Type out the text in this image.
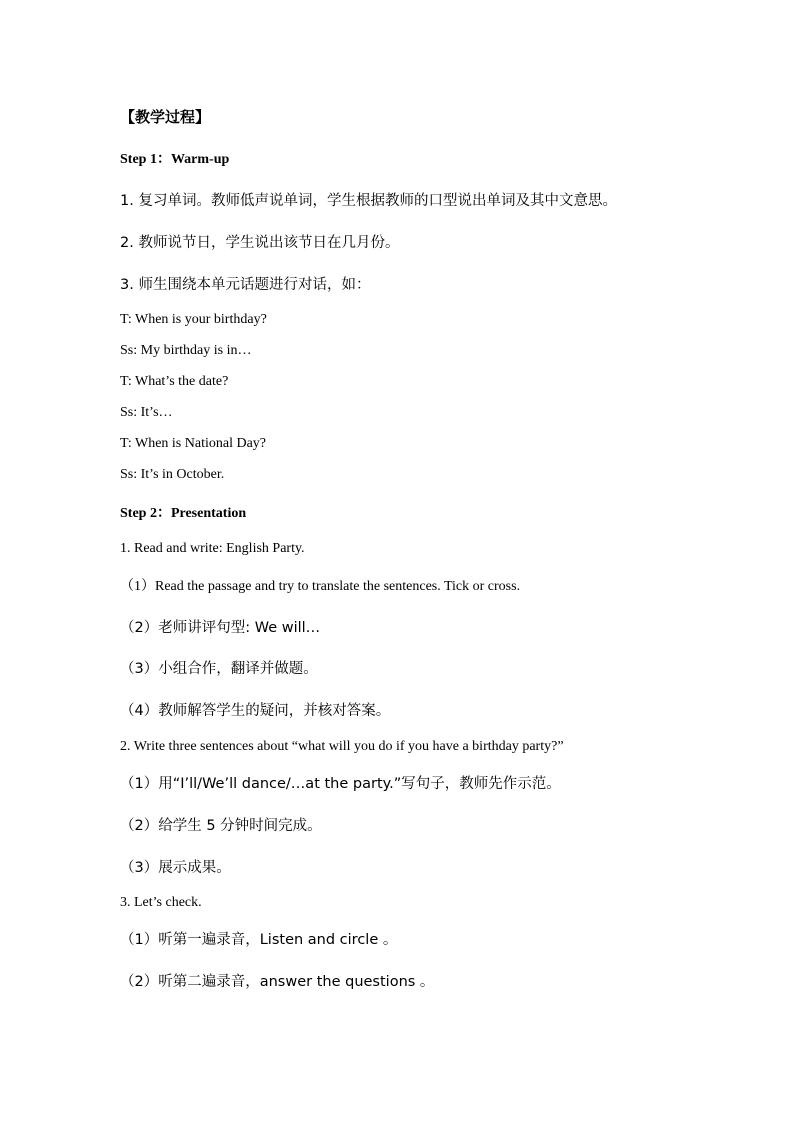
【教学过程】

Step 1：Warm-up

1. 复习单词。教师低声说单词，学生根据教师的口型说出单词及其中文意思。

2. 教师说节日，学生说出该节日在几月份。

3. 师生围绕本单元话题进行对话，如：

T: When is your birthday?

Ss: My birthday is in…

T: What’s the date?

Ss: It’s…

T: When is National Day?

Ss: It’s in October.

Step 2：Presentation

1. Read and write: English Party.

（1）Read the passage and try to translate the sentences. Tick or cross.

（2）老师讲评句型: We will…

（3）小组合作，翻译并做题。

（4）教师解答学生的疑问，并核对答案。

2. Write three sentences about “what will you do if you have a birthday party?”

（1）用“I’ll/We’ll dance/…at the party.”写句子，教师先作示范。

（2）给学生 5 分钟时间完成。

（3）展示成果。

3. Let’s check.

（1）听第一遍录音，Listen and circle 。

（2）听第二遍录音，answer the questions 。
